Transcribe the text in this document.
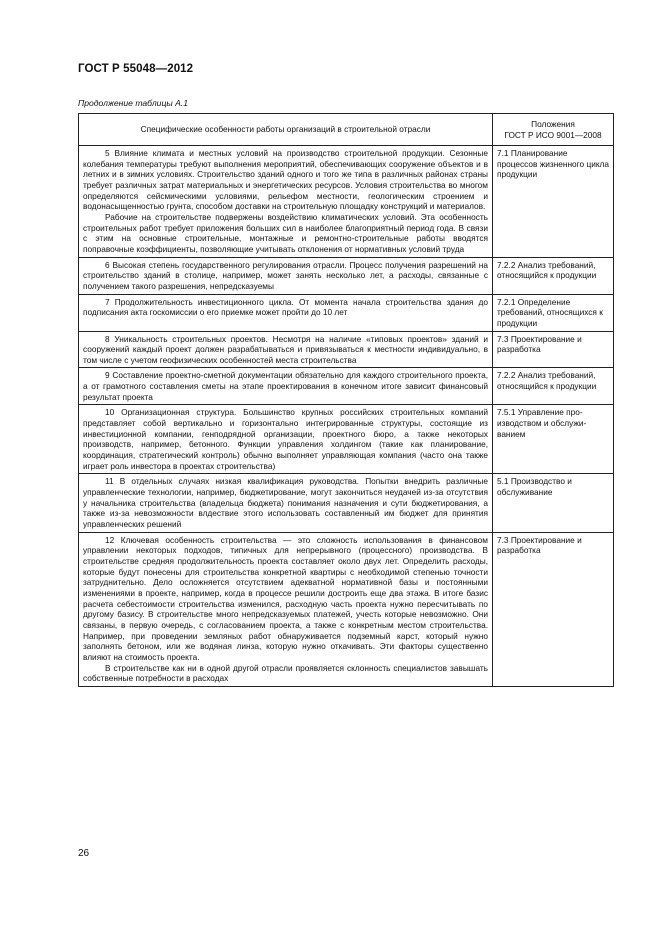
ГОСТ Р 55048—2012
Продолжение таблицы А.1
Специфические особенности работы организаций в строительной отрасли	Положения
ГОСТ Р ИСО 9001—2008

5 Влияние климата и местных условий на производство строительной продукции. Сезонные колебания температуры требуют выполнения мероприятий, обеспечивающих сооружение объектов и в летних и в зимних условиях. Строительство зданий одного и того же типа в различных районах страны требует различных затрат материальных и энергетических ресурсов. Условия строительства во многом определяются сейсмическими условиями, рельефом местности, геологическим строением и водонасыщенностью грунта, способом доставки на строительную площадку конструкций и материалов.

Рабочие на строительстве подвержены воздействию климатических условий. Эта особенность строительных работ требует приложения больших сил в наиболее благоприятный период года. В связи с этим на основные строительные, монтажные и ремонтно-строительные работы вводятся поправочные коэффициенты, позволяющие учитывать отклонения от нормативных условий труда	7.1 Планирование процессов жизненного цикла продукции

6 Высокая степень государственного регулирования отрасли. Процесс получения разрешений на строительство зданий в столице, например, может занять несколько лет, а расходы, связанные с получением такого разрешения, непредсказуемы	7.2.2 Анализ требований, относящийся к продукции

7 Продолжительность инвестиционного цикла. От момента начала строительства здания до подписания акта госкомиссии о его приемке может пройти до 10 лет	7.2.1 Определение требований, относящихся к продукции

8 Уникальность строительных проектов. Несмотря на наличие «типовых проектов» зданий и сооружений каждый проект должен разрабатываться и привязываться к местности индивидуально, в том числе с учетом геофизических особенностей места строительства	7.3 Проектирование и разработка

9 Составление проектно-сметной документации обязательно для каждого строительного проекта, а от грамотного составления сметы на этапе проектирования в конечном итоге зависит финансовый результат проекта	7.2.2 Анализ требований, относящийся к продукции

10 Организационная структура. Большинство крупных российских строительных компаний представляет собой вертикально и горизонтально интегрированные структуры, состоящие из инвестиционной компании, генподрядной организации, проектного бюро, а также некоторых производств, например, бетонного. Функции управления холдингом (такие как планирование, координация, стратегический контроль) обычно выполняет управляющая компания (часто она также играет роль инвестора в проектах строительства)	7.5.1 Управление производством и обслуживанием

11 В отдельных случаях низкая квалификация руководства. Попытки внедрить различные управленческие технологии, например, бюджетирование, могут закончиться неудачей из-за отсутствия у начальника строительства (владельца бюджета) понимания назначения и сути бюджетирования, а также из-за невозможности влдествие этого использовать составленный им бюджет для принятия управленческих решений	5.1 Производство и обслуживание

12 Ключевая особенность строительства — это сложность использования в финансовом управлении некоторых подходов, типичных для непрерывного (процессного) производства. В строительстве средняя продолжительность проекта составляет около двух лет. Определить расходы, которые будут понесены для строительства конкретной квартиры с необходимой степенью точности затруднительно. Дело осложняется отсутствием адекватной нормативной базы и постоянными изменениями в проекте, например, когда в процессе решили достроить еще два этажа. В итоге базис расчета себестоимости строительства изменился, расходную часть проекта нужно пересчитывать по другому базису. В строительстве много непредсказуемых платежей, учесть которые невозможно. Они связаны, в первую очередь, с согласованием проекта, а также с конкретным местом строительства. Например, при проведении земляных работ обнаруживается подземный карст, который нужно заполнять бетоном, или же водяная линза, которую нужно откачивать. Эти факторы существенно влияют на стоимость проекта.

В строительстве как ни в одной другой отрасли проявляется склонность специалистов завышать собственные потребности в расходах	7.3 Проектирование и разработка
26
